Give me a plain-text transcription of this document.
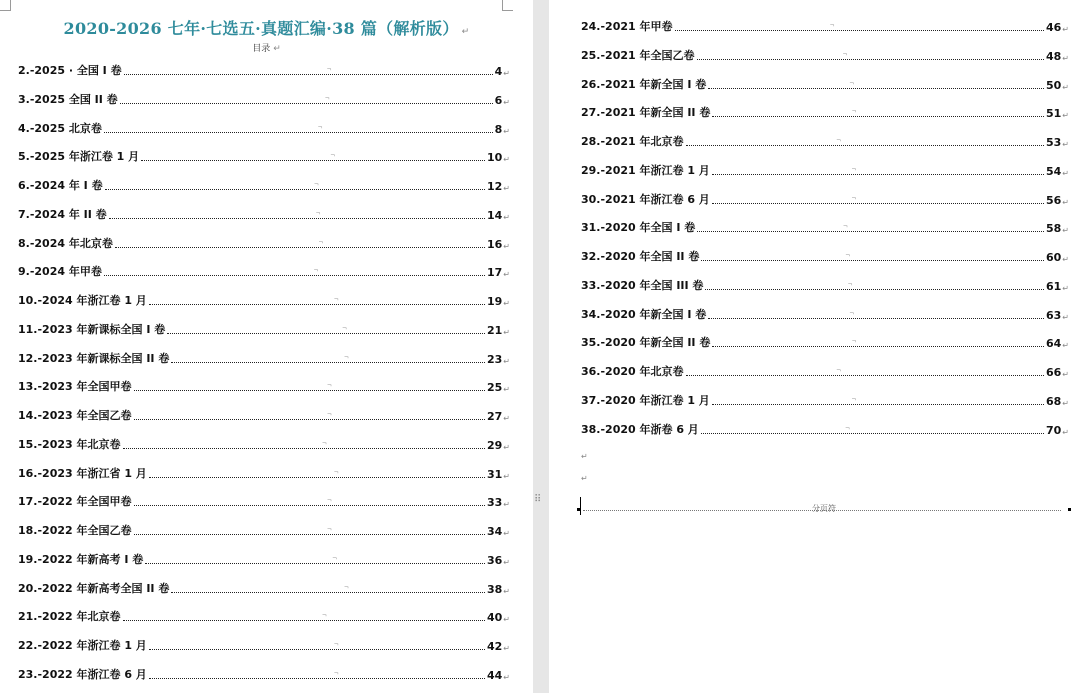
2020-2026 七年·七选五·真题汇编·38 篇（解析版） ↵
目录 ↵
2.-2025 · 全国 I 卷	¬	4 ↵
3.-2025 全国 II 卷	¬	6 ↵
4.-2025 北京卷	¬	8 ↵
5.-2025 年浙江卷 1 月	¬	10 ↵
6.-2024 年 I 卷	¬	12 ↵
7.-2024 年 II 卷	¬	14 ↵
8.-2024 年北京卷	¬	16 ↵
9.-2024 年甲卷	¬	17 ↵
10.-2024 年浙江卷 1 月	¬	19 ↵
11.-2023 年新课标全国 I 卷	¬	21 ↵
12.-2023 年新课标全国 II 卷	¬	23 ↵
13.-2023 年全国甲卷	¬	25 ↵
14.-2023 年全国乙卷	¬	27 ↵
15.-2023 年北京卷	¬	29 ↵
16.-2023 年浙江省 1 月	¬	31 ↵
17.-2022 年全国甲卷	¬	33 ↵
18.-2022 年全国乙卷	¬	34 ↵
19.-2022 年新高考 I 卷	¬	36 ↵
20.-2022 年新高考全国 II 卷	¬	38 ↵
21.-2022 年北京卷	¬	40 ↵
22.-2022 年浙江卷 1 月	¬	42 ↵
23.-2022 年浙江卷 6 月	¬	44 ↵
⠿
24.-2021 年甲卷	¬	46 ↵
25.-2021 年全国乙卷	¬	48 ↵
26.-2021 年新全国 I 卷	¬	50 ↵
27.-2021 年新全国 II 卷	¬	51 ↵
28.-2021 年北京卷	¬	53 ↵
29.-2021 年浙江卷 1 月	¬	54 ↵
30.-2021 年浙江卷 6 月	¬	56 ↵
31.-2020 年全国 I 卷	¬	58 ↵
32.-2020 年全国 II 卷	¬	60 ↵
33.-2020 年全国 III 卷	¬	61 ↵
34.-2020 年新全国 I 卷	¬	63 ↵
35.-2020 年新全国 II 卷	¬	64 ↵
36.-2020 年北京卷	¬	66 ↵
37.-2020 年浙江卷 1 月	¬	68 ↵
38.-2020 年浙卷 6 月	¬	70 ↵
↵
↵
分页符
